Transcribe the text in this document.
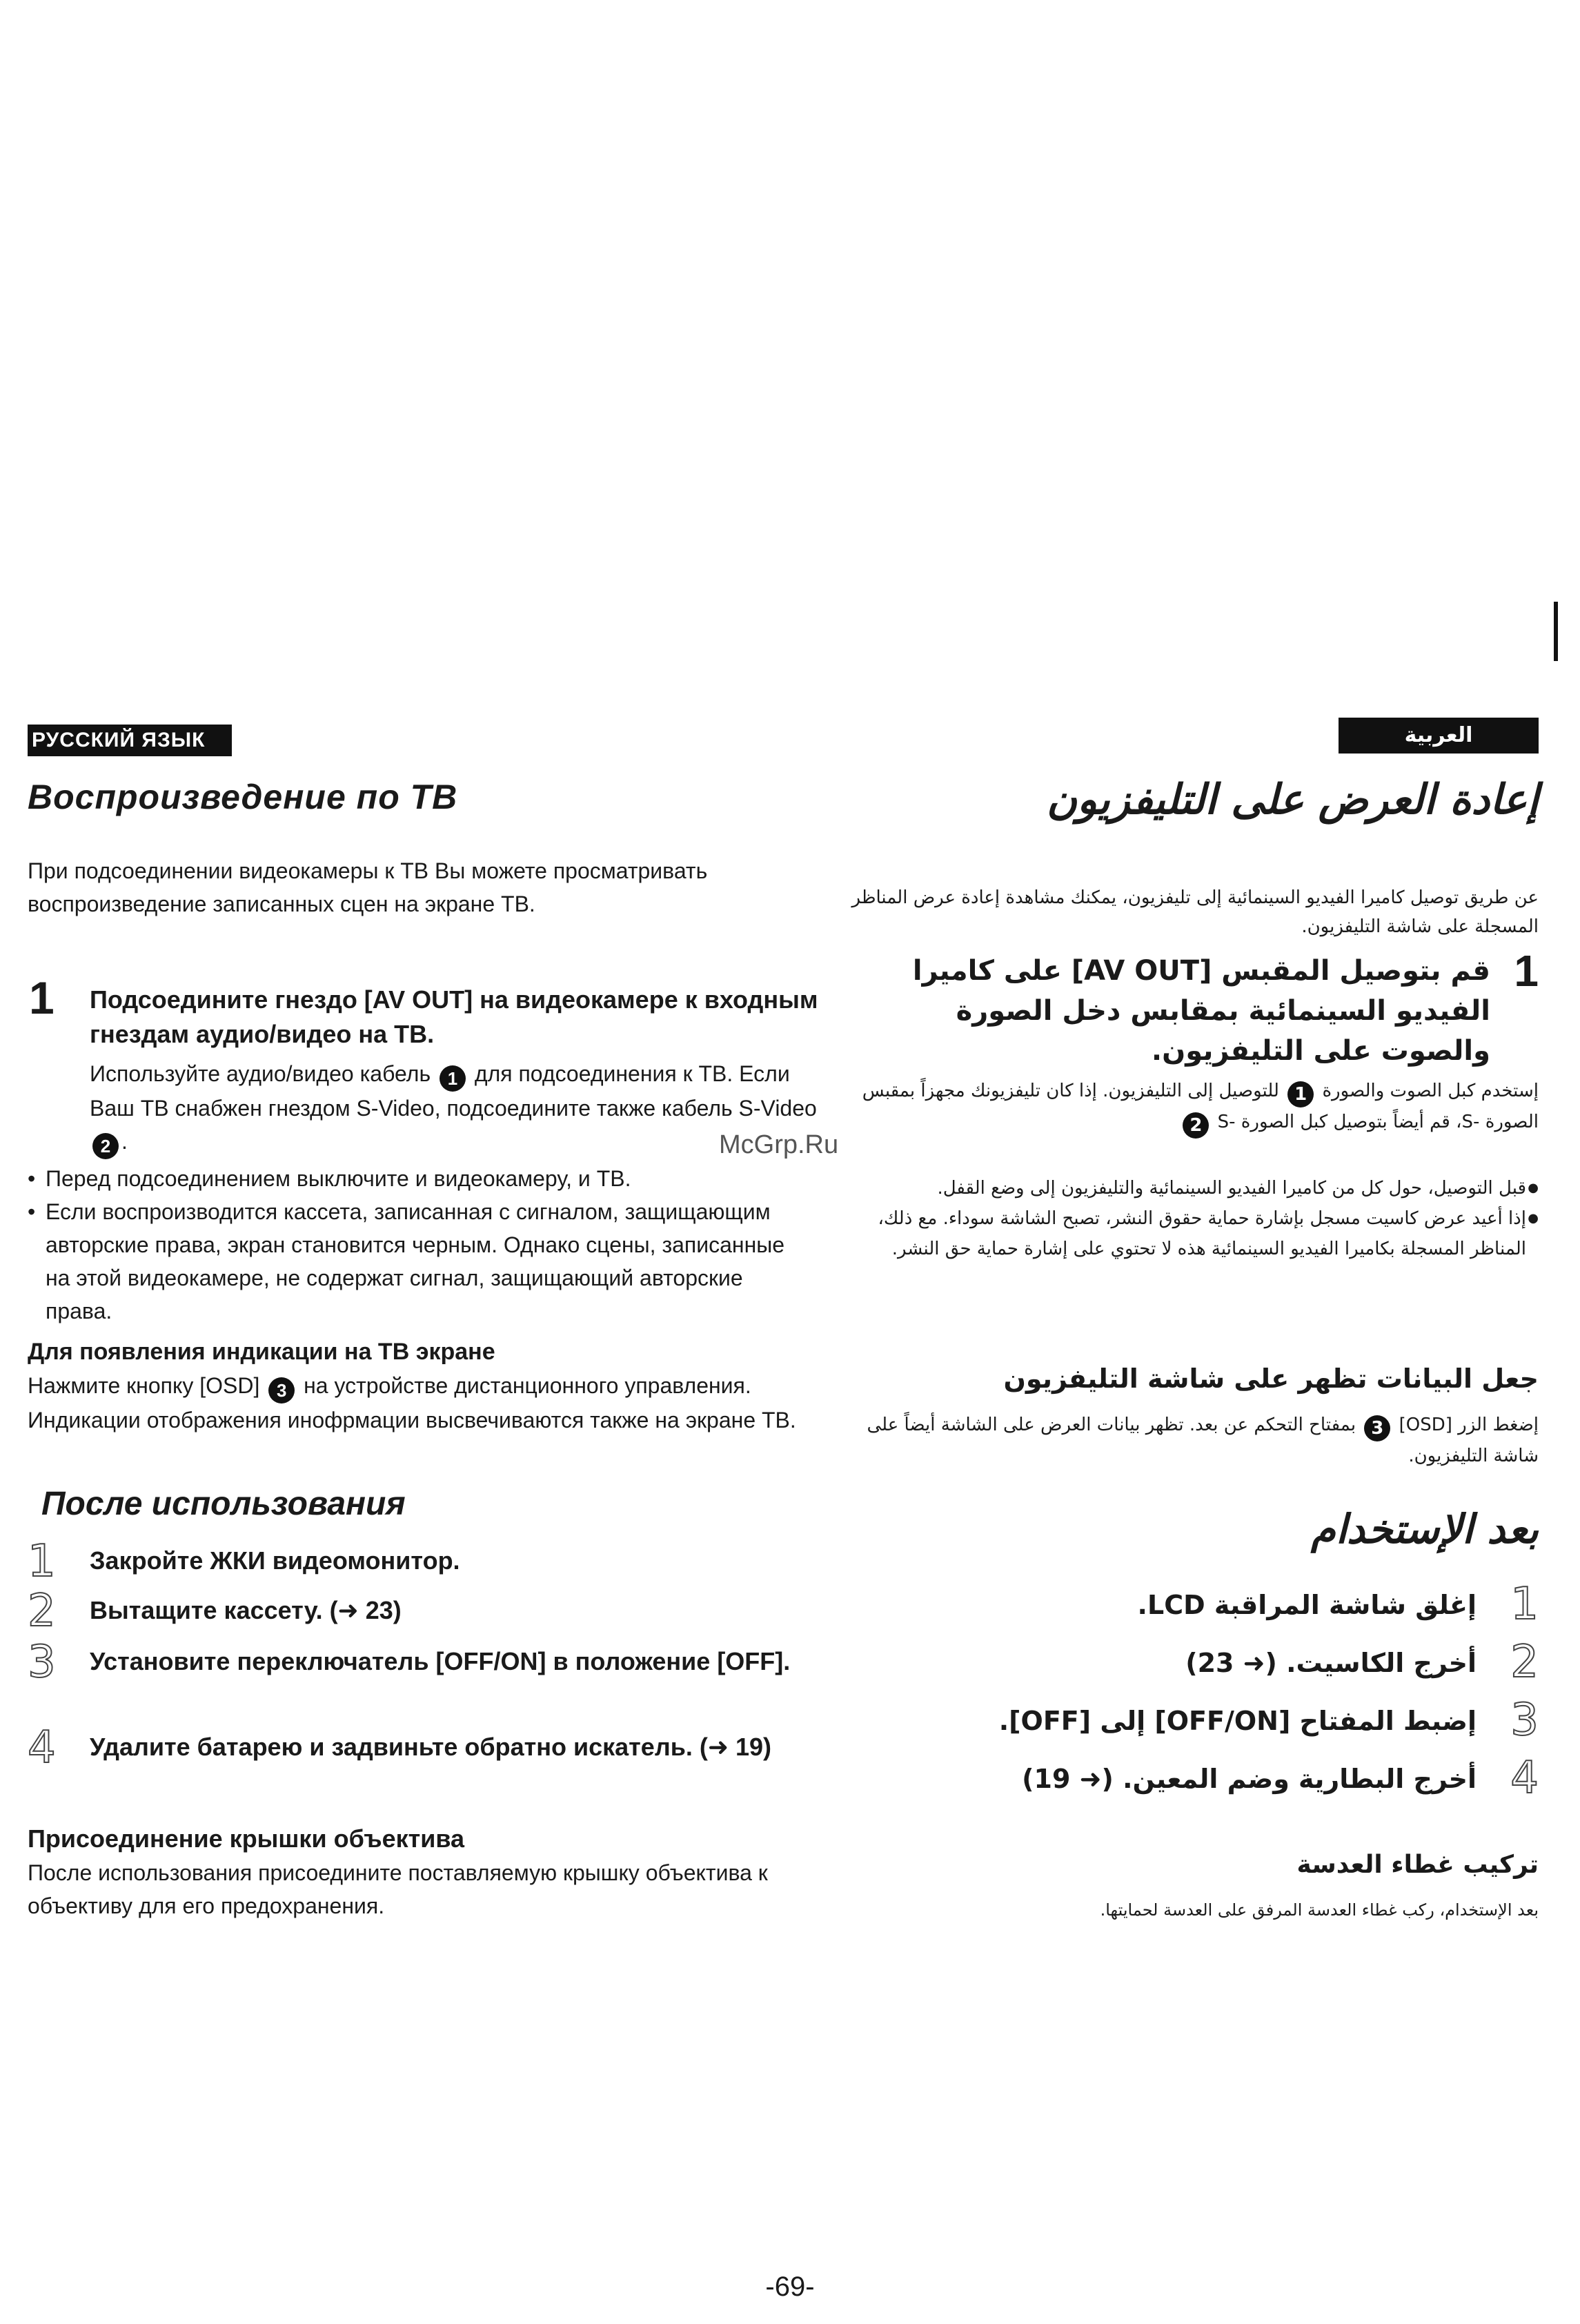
РУССКИЙ ЯЗЫК
Воспроизведение по ТВ
При подсоединении видеокамеры к ТВ Вы можете просматривать воспроизведение записанных сцен на экране ТВ.
1 Подсоедините гнездо [AV OUT] на видеокамере к входным гнездам аудио/видео на ТВ.
Используйте аудио/видео кабель 1 для подсоединения к ТВ. Если Ваш ТВ снабжен гнездом S-Video, подсоедините также кабель S-Video 2 .
• Перед подсоединением выключите и видеокамеру, и ТВ.
• Если воспроизводится кассета, записанная с сигналом, защищающим авторские права, экран становится черным. Однако сцены, записанные на этой видеокамере, не содержат сигнал, защищающий авторские права.
Для появления индикации на ТВ экране
Нажмите кнопку [OSD] 3 на устройстве дистанционного управления. Индикации отображения инофрмации высвечиваются также на экране ТВ.
После использования
1 Закройте ЖКИ видеомонитор.
2 Вытащите кассету. (➜ 23)
3 Установите переключатель [OFF/ON] в положение [OFF].
4 Удалите батарею и задвиньте обратно искатель. (➜ 19)
Присоединение крышки объектива
После использования присоедините поставляемую крышку объектива к объективу для его предохранения.
McGrp.Ru
العربية
إعادة العرض على التليفزيون
عن طريق توصيل كاميرا الفيديو السينمائية إلى تليفزيون، يمكنك مشاهدة إعادة عرض المناظر المسجلة على شاشة التليفزيون.
1
قم بتوصيل المقبس [AV OUT] على كاميرا الفيديو السينمائية بمقابس دخل الصورة والصوت على التليفزيون.
إستخدم كبل الصوت والصورة 1 للتوصيل إلى التليفزيون. إذا كان تليفزيونك مجهزاً بمقبس الصورة -S، قم أيضاً بتوصيل كبل الصورة -S 2
● قبل التوصيل، حول كل من كاميرا الفيديو السينمائية والتليفزيون إلى وضع القفل.
● إذا أعيد عرض كاسيت مسجل بإشارة حماية حقوق النشر، تصبح الشاشة سوداء. مع ذلك، المناظر المسجلة بكاميرا الفيديو السينمائية هذه لا تحتوي على إشارة حماية حق النشر.
جعل البيانات تظهر على شاشة التليفزيون
إضغط الزر [OSD] 3 بمفتاح التحكم عن بعد. تظهر بيانات العرض على الشاشة أيضاً على شاشة التليفزيون.
بعد الإستخدام
1
إغلق شاشة المراقبة LCD.
2
أخرج الكاسيت. (➜ 23)
3
إضبط المفتاح [OFF/ON] إلى [OFF].
4
أخرج البطارية وضم المعين. (➜ 19)
تركيب غطاء العدسة
بعد الإستخدام، ركب غطاء العدسة المرفق على العدسة لحمايتها.
-69-
